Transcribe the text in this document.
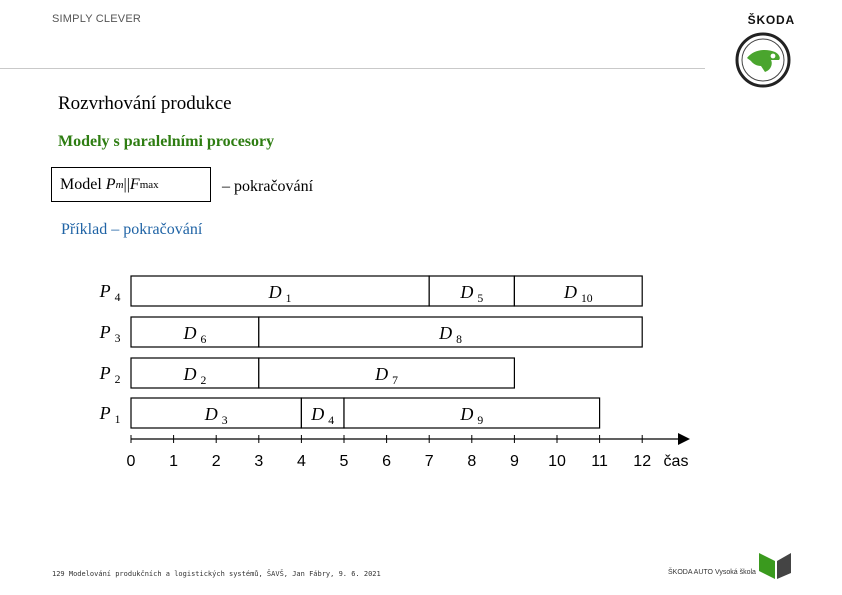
SIMPLY CLEVER	ŠKODA
Rozvrhování produkce
Modely s paralelními procesory
Model
P m || F max	– pokračování
Příklad – pokračování
P $_4$	D $_1$	D $_5$	D $_{10}$
P $_3$	D $_6$	D $_8$
P $_2$	D $_2$	D $_7$
P $_1$	D $_3$	D $_4$	D $_9$
0 1 2 3 4 5 6 7 8 9 10 11 12 čas
129 Modelování produkčních a logistických systémů, ŠAVŠ, Jan Fábry, 9. 6. 2021	ŠKODA AUTO Vysoká škola
